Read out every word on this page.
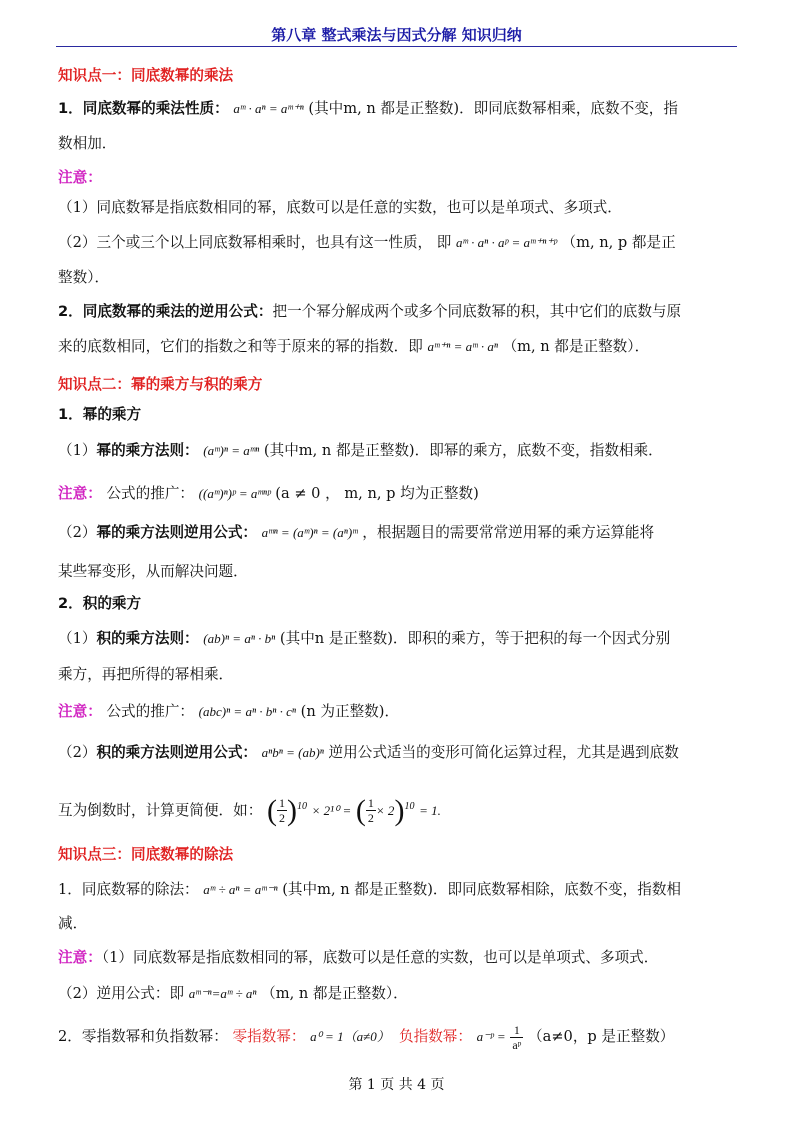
第八章 整式乘法与因式分解 知识归纳
知识点一：同底数幂的乘法
1．同底数幂的乘法性质： aᵐ · aⁿ = aᵐ⁺ⁿ (其中m, n 都是正整数)．即同底数幂相乘，底数不变，指
数相加．
注意：
（1）同底数幂是指底数相同的幂，底数可以是任意的实数，也可以是单项式、多项式．
（2）三个或三个以上同底数幂相乘时，也具有这一性质， 即 aᵐ · aⁿ · aᵖ = aᵐ⁺ⁿ⁺ᵖ （m, n, p 都是正
整数）．
2．同底数幂的乘法的逆用公式：把一个幂分解成两个或多个同底数幂的积，其中它们的底数与原
来的底数相同，它们的指数之和等于原来的幂的指数．即 aᵐ⁺ⁿ = aᵐ · aⁿ （m, n 都是正整数）．
知识点二：幂的乘方与积的乘方
1．幂的乘方
（1）幂的乘方法则： (aᵐ)ⁿ = aᵐⁿ (其中m, n 都是正整数)．即幂的乘方，底数不变，指数相乘．
注意： 公式的推广： ((aᵐ)ⁿ)ᵖ = aᵐⁿᵖ (a ≠ 0 ， m, n, p 均为正整数)
（2）幂的乘方法则逆用公式： aᵐⁿ = (aᵐ)ⁿ = (aⁿ)ᵐ ，根据题目的需要常常逆用幂的乘方运算能将
某些幂变形，从而解决问题．
2．积的乘方
（1）积的乘方法则： (ab)ⁿ = aⁿ · bⁿ (其中n 是正整数)．即积的乘方，等于把积的每一个因式分别
乘方，再把所得的幂相乘．
注意： 公式的推广： (abc)ⁿ = aⁿ · bⁿ · cⁿ (n 为正整数)．
（2）积的乘方法则逆用公式： aⁿbⁿ = (ab)ⁿ 逆用公式适当的变形可简化运算过程，尤其是遇到底数
互为倒数时，计算更简便．如： ( $\frac{1}{2} )^{10} \times 2^{10}$ = ( $\frac{1}{2} \times 2)^{10} = 1$.
知识点三：同底数幂的除法
1．同底数幂的除法： aᵐ ÷ aⁿ = aᵐ⁻ⁿ (其中m, n 都是正整数)．即同底数幂相除，底数不变，指数相
减．
注意：（1）同底数幂是指底数相同的幂，底数可以是任意的实数，也可以是单项式、多项式．
（2）逆用公式：即 aᵐ⁻ⁿ=aᵐ ÷ aⁿ （m, n 都是正整数）．
2．零指数幂和负指数幂： 零指数幂： a⁰ = 1（a≠0） 负指数幂： a⁻ᵖ = $\frac{1}{\text{aᵖ}} (a\ne 0$，p 是正整数）
第 1 页 共 4 页
